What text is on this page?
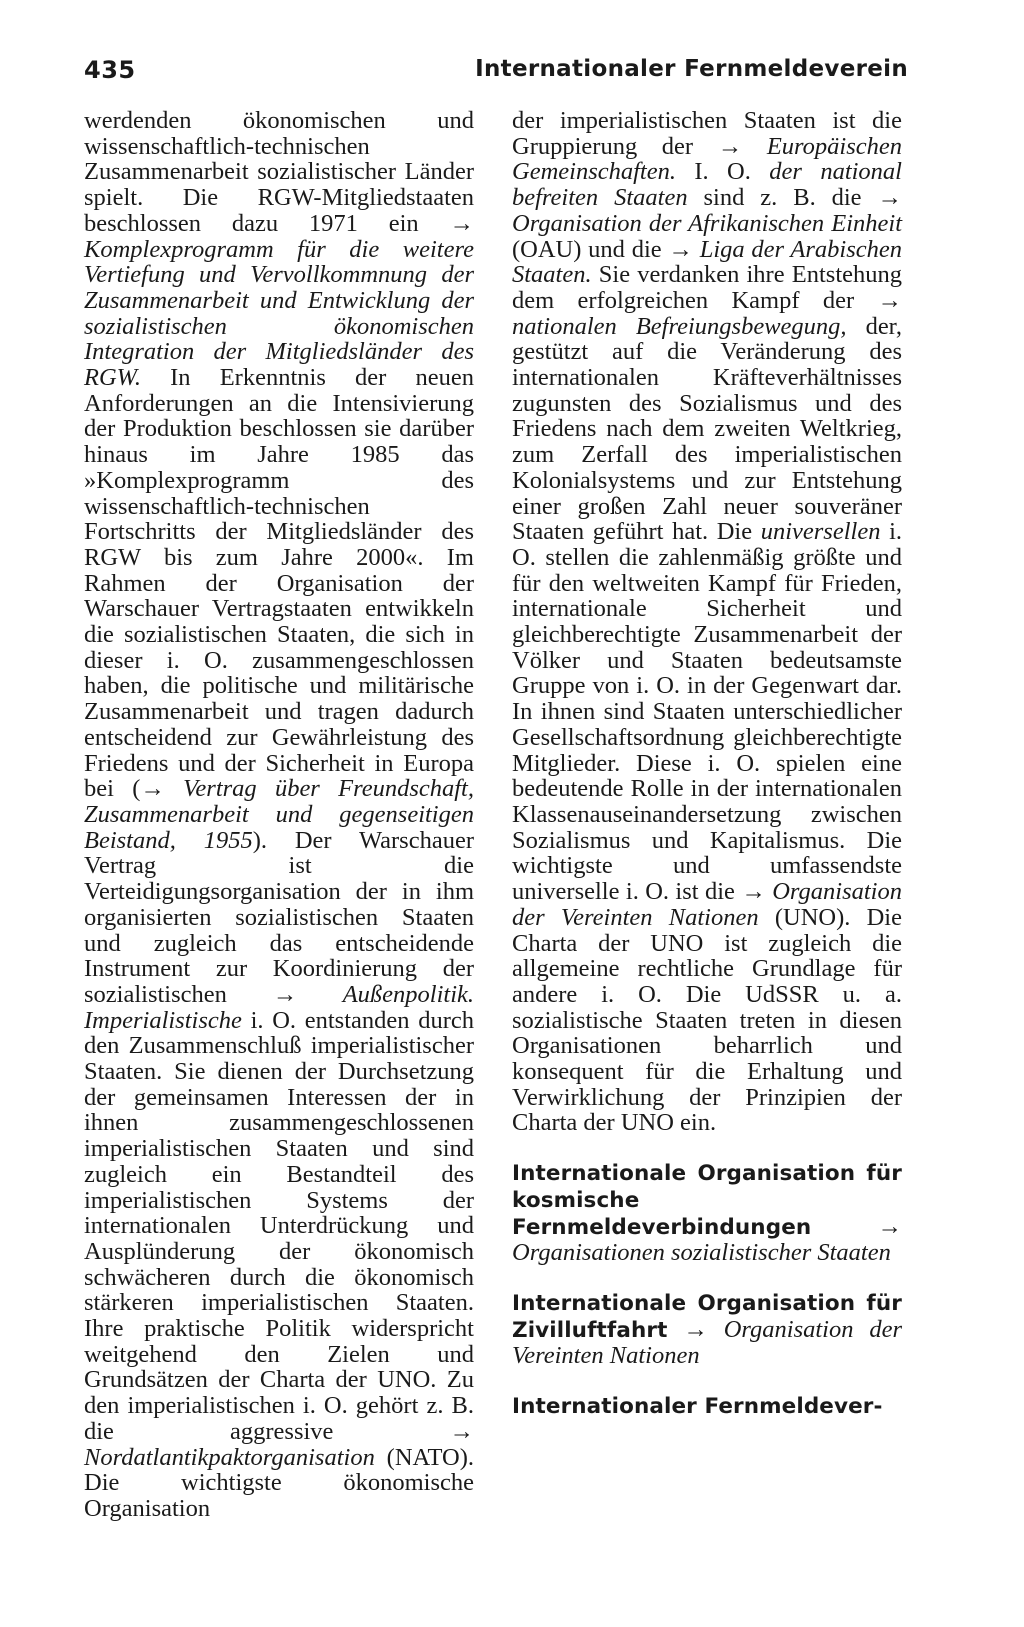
435	Internationaler Fernmeldeverein

werdenden ökonomischen und wissenschaftlich-technischen Zusammenarbeit sozialistischer Länder spielt. Die RGW-Mitgliedstaaten beschlossen dazu 1971 ein → Komplexprogramm für die weitere Vertiefung und Vervollkommnung der Zusammenarbeit und Entwicklung der sozialistischen ökonomischen Integration der Mitgliedsländer des RGW. In Erkenntnis der neuen Anforderungen an die Intensivierung der Produktion beschlossen sie darüber hinaus im Jahre 1985 das »Komplexprogramm des wissenschaftlich-technischen Fortschritts der Mitgliedsländer des RGW bis zum Jahre 2000«. Im Rahmen der Organisation der Warschauer Vertragstaaten entwikkeln die sozialistischen Staaten, die sich in dieser i. O. zusammengeschlossen haben, die politische und militärische Zusammenarbeit und tragen dadurch entscheidend zur Gewährleistung des Friedens und der Sicherheit in Europa bei (→ Vertrag über Freundschaft, Zusammenarbeit und gegenseitigen Beistand, 1955). Der Warschauer Vertrag ist die Verteidigungsorganisation der in ihm organisierten sozialistischen Staaten und zugleich das entscheidende Instrument zur Koordinierung der sozialistischen → Außenpolitik. Imperialistische i. O. entstanden durch den Zusammenschluß imperialistischer Staaten. Sie dienen der Durchsetzung der gemeinsamen Interessen der in ihnen zusammengeschlossenen imperialistischen Staaten und sind zugleich ein Bestandteil des imperialistischen Systems der internationalen Unterdrückung und Ausplünderung der ökonomisch schwächeren durch die ökonomisch stärkeren imperialistischen Staaten. Ihre praktische Politik widerspricht weitgehend den Zielen und Grundsätzen der Charta der UNO. Zu den imperialistischen i. O. gehört z. B. die aggressive → Nordatlantikpaktorganisation (NATO). Die wichtigste ökonomische Organisation

der imperialistischen Staaten ist die Gruppierung der → Europäischen Gemeinschaften. I. O. der national befreiten Staaten sind z. B. die → Organisation der Afrikanischen Einheit (OAU) und die → Liga der Arabischen Staaten. Sie verdanken ihre Entstehung dem erfolgreichen Kampf der → nationalen Befreiungsbewegung, der, gestützt auf die Veränderung des internationalen Kräfteverhältnisses zugunsten des Sozialismus und des Friedens nach dem zweiten Weltkrieg, zum Zerfall des imperialistischen Kolonialsystems und zur Entstehung einer großen Zahl neuer souveräner Staaten geführt hat. Die universellen i. O. stellen die zahlenmäßig größte und für den weltweiten Kampf für Frieden, internationale Sicherheit und gleichberechtigte Zusammenarbeit der Völker und Staaten bedeutsamste Gruppe von i. O. in der Gegenwart dar. In ihnen sind Staaten unterschiedlicher Gesellschaftsordnung gleichberechtigte Mitglieder. Diese i. O. spielen eine bedeutende Rolle in der internationalen Klassenauseinandersetzung zwischen Sozialismus und Kapitalismus. Die wichtigste und umfassendste universelle i. O. ist die → Organisation der Vereinten Nationen (UNO). Die Charta der UNO ist zugleich die allgemeine rechtliche Grundlage für andere i. O. Die UdSSR u. a. sozialistische Staaten treten in diesen Organisationen beharrlich und konsequent für die Erhaltung und Verwirklichung der Prinzipien der Charta der UNO ein.

Internationale Organisation für kosmische Fernmeldeverbindungen	→ Organisationen sozialistischer Staaten

Internationale Organisation für Zivilluftfahrt → Organisation der Vereinten Nationen

Internationaler Fernmeldever-
